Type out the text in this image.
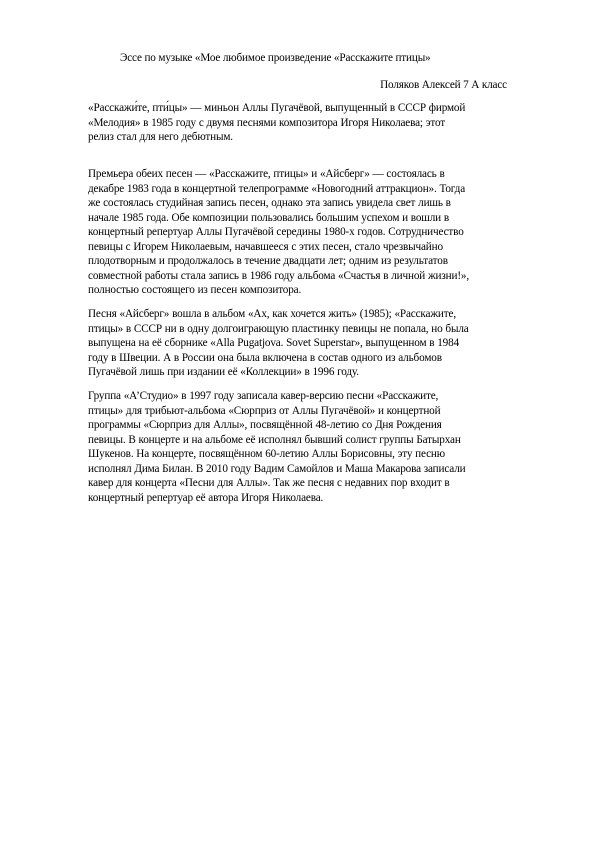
Эссе по музыке «Мое любимое произведение «Расскажите птицы»
Поляков Алексей 7 А класс

«Расскажи́те, пти́цы» — миньон Аллы Пугачёвой, выпущенный в СССР фирмой
«Мелодия» в 1985 году с двумя песнями композитора Игоря Николаева; этот
релиз стал для него дебютным.

Премьера обеих песен — «Расскажите, птицы» и «Айсберг» — состоялась в
декабре 1983 года в концертной телепрограмме «Новогодний аттракцион». Тогда
же состоялась студийная запись песен, однако эта запись увидела свет лишь в
начале 1985 года. Обе композиции пользовались большим успехом и вошли в
концертный репертуар Аллы Пугачёвой середины 1980-х годов. Сотрудничество
певицы с Игорем Николаевым, начавшееся с этих песен, стало чрезвычайно
плодотворным и продолжалось в течение двадцати лет; одним из результатов
совместной работы стала запись в 1986 году альбома «Счастья в личной жизни!»,
полностью состоящего из песен композитора.

Песня «Айсберг» вошла в альбом «Ах, как хочется жить» (1985); «Расскажите,
птицы» в СССР ни в одну долгоиграющую пластинку певицы не попала, но была
выпущена на её сборнике «Alla Pugatjova. Sovet Superstar», выпущенном в 1984
году в Швеции. А в России она была включена в состав одного из альбомов
Пугачёвой лишь при издании её «Коллекции» в 1996 году.

Группа «А’Студио» в 1997 году записала кавер-версию песни «Расскажите,
птицы» для трибьют-альбома «Сюрприз от Аллы Пугачёвой» и концертной
программы «Сюрприз для Аллы», посвящённой 48-летию со Дня Рождения
певицы. В концерте и на альбоме её исполнял бывший солист группы Батырхан
Шукенов. На концерте, посвящённом 60-летию Аллы Борисовны, эту песню
исполнял Дима Билан. В 2010 году Вадим Самойлов и Маша Макарова записали
кавер для концерта «Песни для Аллы». Так же песня с недавних пор входит в
концертный репертуар её автора Игоря Николаева.
